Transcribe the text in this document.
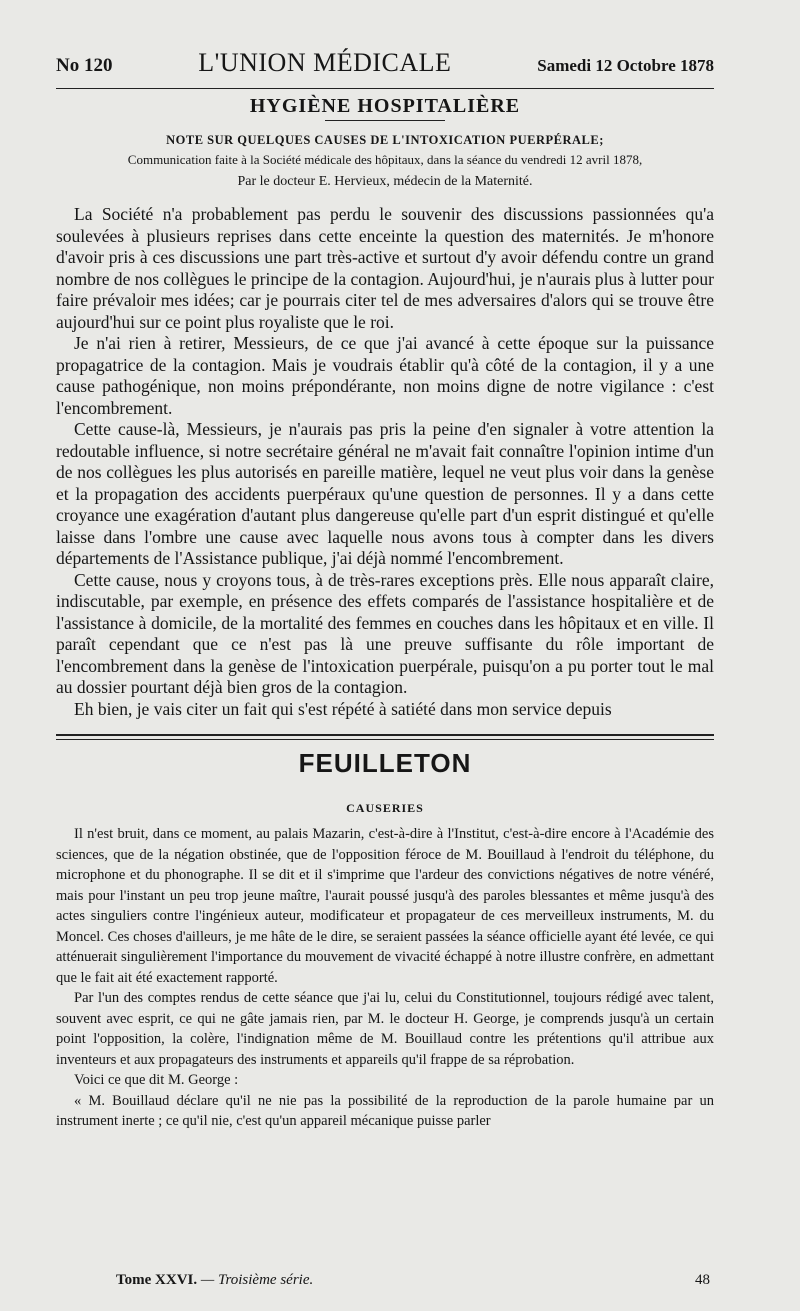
No 120	L'UNION MÉDICALE	Samedi 12 Octobre 1878
HYGIÈNE HOSPITALIÈRE
NOTE SUR QUELQUES CAUSES DE L'INTOXICATION PUERPÉRALE;
Communication faite à la Société médicale des hôpitaux, dans la séance du vendredi 12 avril 1878,
Par le docteur E. Hervieux, médecin de la Maternité.

La Société n'a probablement pas perdu le souvenir des discussions passionnées qu'a soulevées à plusieurs reprises dans cette enceinte la question des maternités. Je m'honore d'avoir pris à ces discussions une part très-active et surtout d'y avoir défendu contre un grand nombre de nos collègues le principe de la contagion. Aujourd'hui, je n'aurais plus à lutter pour faire prévaloir mes idées; car je pourrais citer tel de mes adversaires d'alors qui se trouve être aujourd'hui sur ce point plus royaliste que le roi.

Je n'ai rien à retirer, Messieurs, de ce que j'ai avancé à cette époque sur la puissance propagatrice de la contagion. Mais je voudrais établir qu'à côté de la contagion, il y a une cause pathogénique, non moins prépondérante, non moins digne de notre vigilance : c'est l'encombrement.

Cette cause-là, Messieurs, je n'aurais pas pris la peine d'en signaler à votre attention la redoutable influence, si notre secrétaire général ne m'avait fait connaître l'opinion intime d'un de nos collègues les plus autorisés en pareille matière, lequel ne veut plus voir dans la genèse et la propagation des accidents puerpéraux qu'une question de personnes. Il y a dans cette croyance une exagération d'autant plus dangereuse qu'elle part d'un esprit distingué et qu'elle laisse dans l'ombre une cause avec laquelle nous avons tous à compter dans les divers départements de l'Assistance publique, j'ai déjà nommé l'encombrement.

Cette cause, nous y croyons tous, à de très-rares exceptions près. Elle nous apparaît claire, indiscutable, par exemple, en présence des effets comparés de l'assistance hospitalière et de l'assistance à domicile, de la mortalité des femmes en couches dans les hôpitaux et en ville. Il paraît cependant que ce n'est pas là une preuve suffisante du rôle important de l'encombrement dans la genèse de l'intoxication puerpérale, puisqu'on a pu porter tout le mal au dossier pourtant déjà bien gros de la contagion.

Eh bien, je vais citer un fait qui s'est répété à satiété dans mon service depuis

FEUILLETON
CAUSERIES

Il n'est bruit, dans ce moment, au palais Mazarin, c'est-à-dire à l'Institut, c'est-à-dire encore à l'Académie des sciences, que de la négation obstinée, que de l'opposition féroce de M. Bouillaud à l'endroit du téléphone, du microphone et du phonographe. Il se dit et il s'imprime que l'ardeur des convictions négatives de notre vénéré, mais pour l'instant un peu trop jeune maître, l'aurait poussé jusqu'à des paroles blessantes et même jusqu'à des actes singuliers contre l'ingénieux auteur, modificateur et propagateur de ces merveilleux instruments, M. du Moncel. Ces choses d'ailleurs, je me hâte de le dire, se seraient passées la séance officielle ayant été levée, ce qui atténuerait singulièrement l'importance du mouvement de vivacité échappé à notre illustre confrère, en admettant que le fait ait été exactement rapporté.

Par l'un des comptes rendus de cette séance que j'ai lu, celui du Constitutionnel, toujours rédigé avec talent, souvent avec esprit, ce qui ne gâte jamais rien, par M. le docteur H. George, je comprends jusqu'à un certain point l'opposition, la colère, l'indignation même de M. Bouillaud contre les prétentions qu'il attribue aux inventeurs et aux propagateurs des instruments et appareils qu'il frappe de sa réprobation.

Voici ce que dit M. George :

« M. Bouillaud déclare qu'il ne nie pas la possibilité de la reproduction de la parole humaine par un instrument inerte ; ce qu'il nie, c'est qu'un appareil mécanique puisse parler

Tome XXVI. — Troisième série.	48
